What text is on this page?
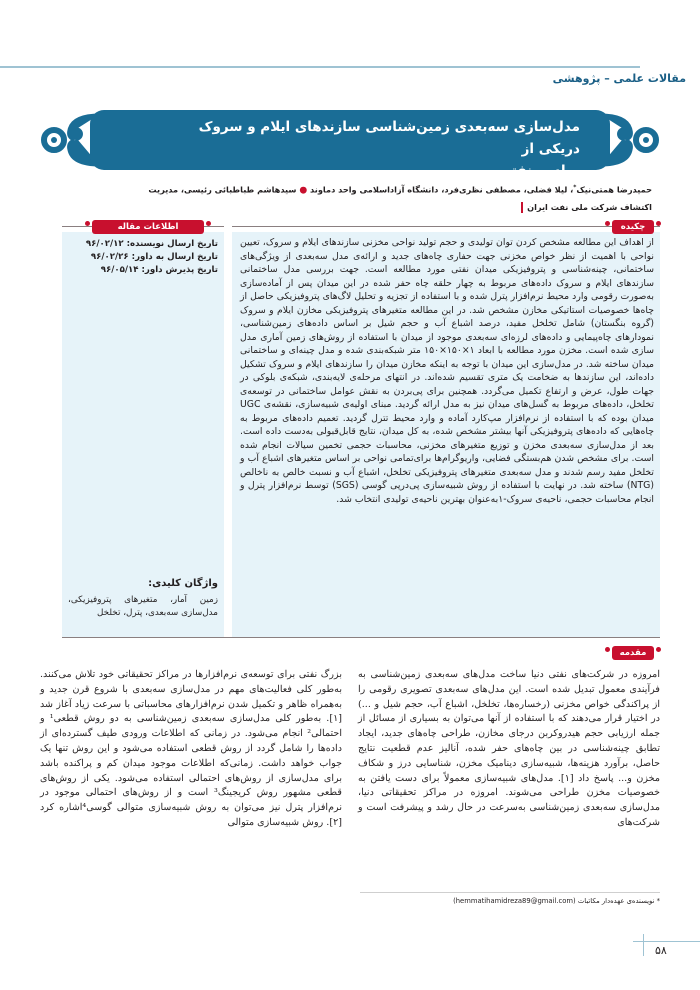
مقالات علمی – پژوهشی
مدل‌سازی سه‌بعدی زمین‌شناسی سازندهای ایلام و سروک دریکی از
میادین نفتی
حمیدرضا همتی‌نیک*، لیلا فضلی، مصطفی نظری‌فرد، دانشگاه آزاداسلامی واحد دماوند ● سیدهاشم طباطبائی رئیسی، مدیریت
اکتشاف شرکت ملی نفت ایران
اطلاعات مقاله	چکیده
تاریخ ارسال نویسنده: ۹۶/۰۲/۱۲
تاریخ ارسال به داور: ۹۶/۰۲/۲۶
تاریخ پذیرش داور: ۹۶/۰۵/۱۴
واژگان کلیدی:
زمین آمار، متغیرهای پتروفیزیکی، مدل‌سازی سه‌بعدی، پترل، تخلخل
از اهداف این مطالعه مشخص کردن توان تولیدی و حجم تولید نواحی مخزنی سازندهای ایلام و سروک، تعیین نواحی با اهمیت از نظر خواص مخزنی جهت حفاری چاه‌های جدید و ارائه‌ی مدل سه‌بعدی از ویژگی‌های ساختمانی، چینه‌شناسی و پتروفیزیکی میدان نفتی مورد مطالعه است. جهت بررسی مدل ساختمانی سازندهای ایلام و سروک داده‌های مربوط به چهار حلقه چاه حفر شده در این میدان پس از آماده‌سازی به‌صورت رقومی وارد محیط نرم‌افزار پترل شده و با استفاده از تجزیه و تحلیل لاگ‌های پتروفیزیکی حاصل از چاه‌ها خصوصیات استاتیکی مخازن مشخص شد. در این مطالعه متغیرهای پتروفیزیکی مخازن ایلام و سروک (گروه بنگستان) شامل تخلخل مفید، درصد اشباع آب و حجم شیل بر اساس داده‌های زمین‌شناسی، نمودارهای چاه‌پیمایی و داده‌های لرزه‌ای سه‌بعدی موجود از میدان با استفاده از روش‌های زمین آماری مدل سازی شده است. مخزن مورد مطالعه با ابعاد ۱×۱۵۰×۱۵۰ متر شبکه‌بندی شده و مدل چینه‌ای و ساختمانی میدان ساخته شد. در مدل‌سازی این میدان با توجه به اینکه مخازن میدان را سازندهای ایلام و سروک تشکیل داده‌اند، این سازندها به ضخامت یک متری تقسیم شده‌اند. در انتهای مرحله‌ی لایه‌بندی، شبکه‌ی بلوکی در جهات طول، عرض و ارتفاع تکمیل می‌گردد. همچنین برای پی‌بردن به نقش عوامل ساختمانی در توسعه‌ی تخلخل، داده‌های مربوط به گسل‌های میدان نیز به مدل ارائه گردید. مبنای اولیه‌ی شبیه‌سازی، نقشه‌ی UGC میدان بوده که با استفاده از نرم‌افزار مپ‌کارد آماده و وارد محیط تترل گردید. تعمیم داده‌های مربوط به چاه‌هایی که داده‌های پتروفیزیکی آنها بیشتر مشخص شده، به کل میدان، نتایج قابل‌قبولی به‌دست داده است. بعد از مدل‌سازی سه‌بعدی مخزن و توزیع متغیرهای مخزنی، محاسبات حجمی تخمین سیالات انجام شده است. برای مشخص شدن هم‌بستگی فضایی، واریوگرام‌ها برای‌تمامی نواحی بر اساس متغیرهای اشباع آب و تخلخل مفید رسم شدند و مدل سه‌بعدی متغیرهای پتروفیزیکی تخلخل، اشباع آب و نسبت خالص به ناخالص (NTG) ساخته شد. در نهایت با استفاده از روش شبیه‌سازی پی‌درپی گوسی (SGS) توسط نرم‌افزار پترل و انجام محاسبات حجمی، ناحیه‌ی سروک-۱به‌عنوان بهترین ناحیه‌ی تولیدی انتخاب شد.
مقدمه
امروزه در شرکت‌های نفتی دنیا ساخت مدل‌های سه‌بعدی زمین‌شناسی به فرآیندی معمول تبدیل شده است. این مدل‌های سه‌بعدی تصویری رقومی را از پراکندگی خواص مخزنی (رخساره‌ها، تخلخل، اشباع آب، حجم شیل و ...) در اختیار قرار می‌دهند که با استفاده از آنها می‌توان به بسیاری از مسائل از جمله ارزیابی حجم هیدروکربن درجای مخازن، طراحی چاه‌های جدید، ایجاد تطابق چینه‌شناسی در بین چاه‌های حفر شده، آنالیز عدم قطعیت نتایج حاصل، برآورد هزینه‌ها، شبیه‌سازی دینامیک مخزن، شناسایی درز و شکاف مخزن و... پاسخ داد [۱]. مدل‌های شبیه‌سازی معمولاً برای دست یافتن به خصوصیات مخزن طراحی می‌شوند. امروزه در مراکز تحقیقاتی دنیا، مدل‌سازی سه‌بعدی زمین‌شناسی به‌سرعت در حال رشد و پیشرفت است و شرکت‌های
بزرگ نفتی برای توسعه‌ی نرم‌افزارها در مراکز تحقیقاتی خود تلاش می‌کنند. به‌طور کلی فعالیت‌های مهم در مدل‌سازی سه‌بعدی با شروع قرن جدید و به‌همراه ظاهر و تکمیل شدن نرم‌افزارهای محاسباتی با سرعت زیاد آغاز شد [۱]. به‌طور کلی مدل‌سازی سه‌بعدی زمین‌شناسی به دو روش قطعی¹ و احتمالی² انجام می‌شود. در زمانی که اطلاعات ورودی طیف گسترده‌ای از داده‌ها را شامل گردد از روش قطعی استفاده می‌شود و این روش تنها یک جواب خواهد داشت. زمانی‌که اطلاعات موجود میدان کم و پراکنده باشد برای مدل‌سازی از روش‌های احتمالی استفاده می‌شود. یکی از روش‌های قطعی مشهور روش کریجینگ³ است و از روش‌های احتمالی موجود در نرم‌افزار پترل نیز می‌توان به روش شبیه‌سازی متوالی گوسی⁴اشاره کرد [۲]. روش شبیه‌سازی متوالی
* نویسنده‌ی عهده‌دار مکاتبات (hemmatihamidreza89@gmail.com)
۵۸
